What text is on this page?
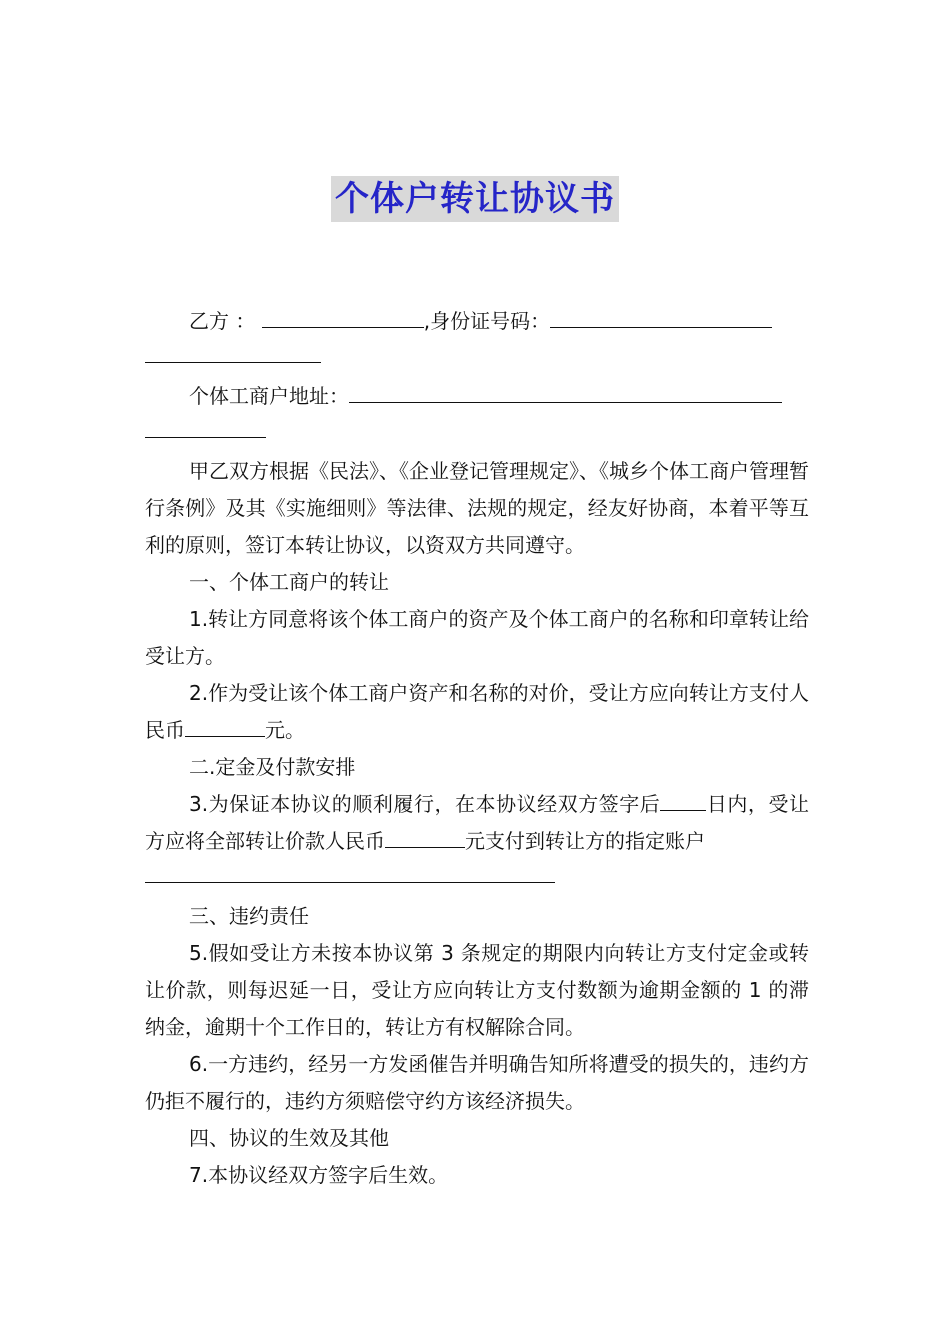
个体户转让协议书

乙方 ：	,身份证号码：

个体工商户地址：

甲乙双方根据《民法》、《企业登记管理规定》、《城乡个体工商户管理暂行条例》及其《实施细则》等法律、法规的规定，经友好协商，本着平等互利的原则，签订本转让协议，以资双方共同遵守。

一、个体工商户的转让

1.转让方同意将该个体工商户的资产及个体工商户的名称和印章转让给受让方。

2.作为受让该个体工商户资产和名称的对价，受让方应向转让方支付人民币	元。

二.定金及付款安排

3.为保证本协议的顺利履行，在本协议经双方签字后 日内，受让方应将全部转让价款人民币	元支付到转让方的指定账户

三、违约责任

5.假如受让方未按本协议第 3 条规定的期限内向转让方支付定金或转让价款，则每迟延一日，受让方应向转让方支付数额为逾期金额的 1 的滞纳金，逾期十个工作日的，转让方有权解除合同。

6.一方违约，经另一方发函催告并明确告知所将遭受的损失的，违约方仍拒不履行的，违约方须赔偿守约方该经济损失。

四、协议的生效及其他

7.本协议经双方签字后生效。
